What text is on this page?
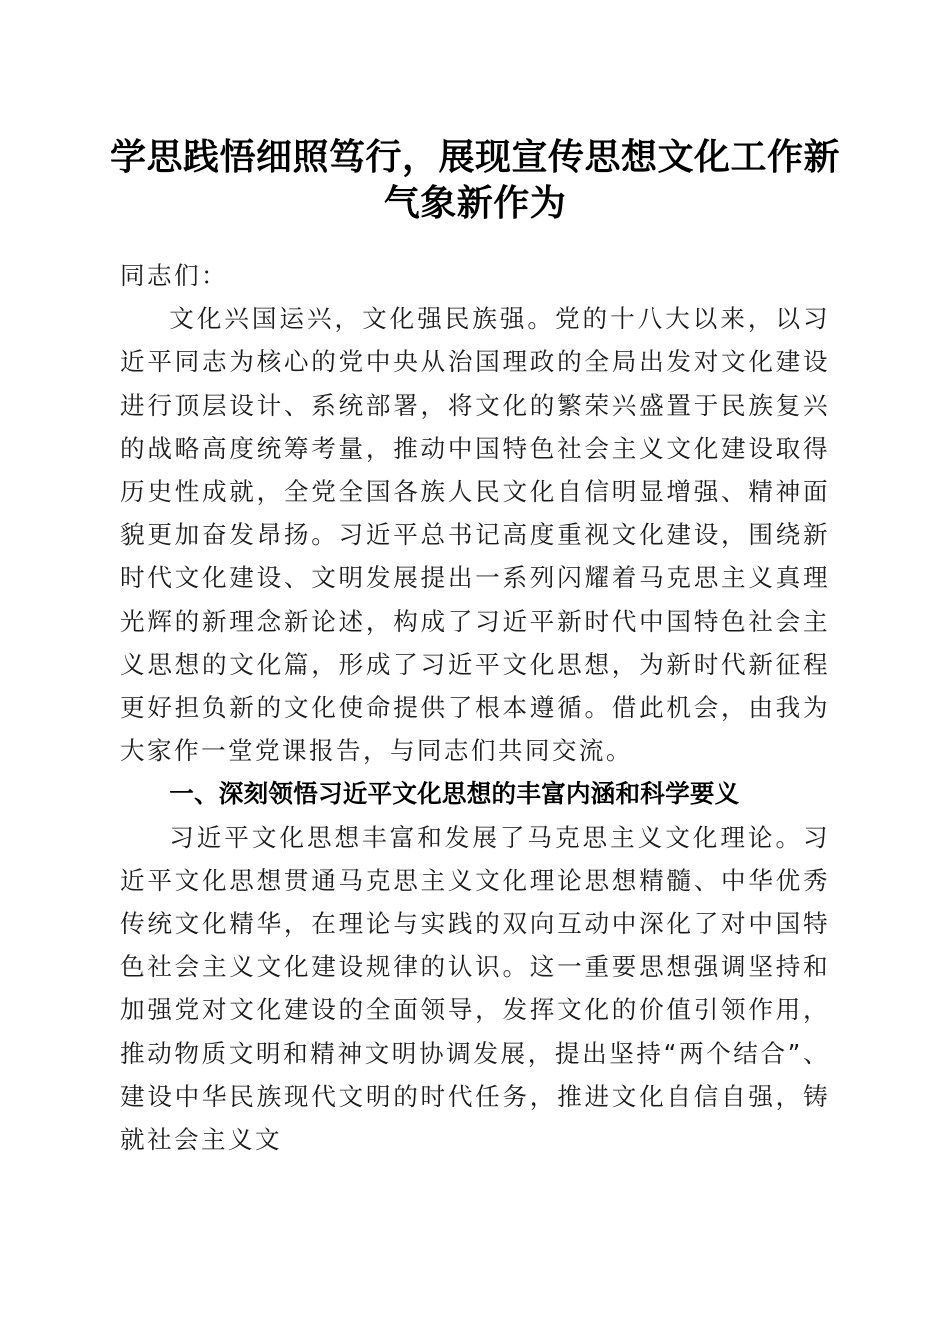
学思践悟细照笃行，展现宣传思想文化工作新
气象新作为

同志们：

文化兴国运兴，文化强民族强。党的十八大以来，以习近平同志为核心的党中央从治国理政的全局出发对文化建设进行顶层设计、系统部署，将文化的繁荣兴盛置于民族复兴的战略高度统筹考量，推动中国特色社会主义文化建设取得历史性成就，全党全国各族人民文化自信明显增强、精神面貌更加奋发昂扬。习近平总书记高度重视文化建设，围绕新时代文化建设、文明发展提出一系列闪耀着马克思主义真理光辉的新理念新论述，构成了习近平新时代中国特色社会主义思想的文化篇，形成了习近平文化思想，为新时代新征程更好担负新的文化使命提供了根本遵循。借此机会，由我为大家作一堂党课报告，与同志们共同交流。

一、深刻领悟习近平文化思想的丰富内涵和科学要义

习近平文化思想丰富和发展了马克思主义文化理论。习近平文化思想贯通马克思主义文化理论思想精髓、中华优秀传统文化精华，在理论与实践的双向互动中深化了对中国特色社会主义文化建设规律的认识。这一重要思想强调坚持和加强党对文化建设的全面领导，发挥文化的价值引领作用，推动物质文明和精神文明协调发展，提出坚持“两个结合”、建设中华民族现代文明的时代任务，推进文化自信自强，铸就社会主义文
